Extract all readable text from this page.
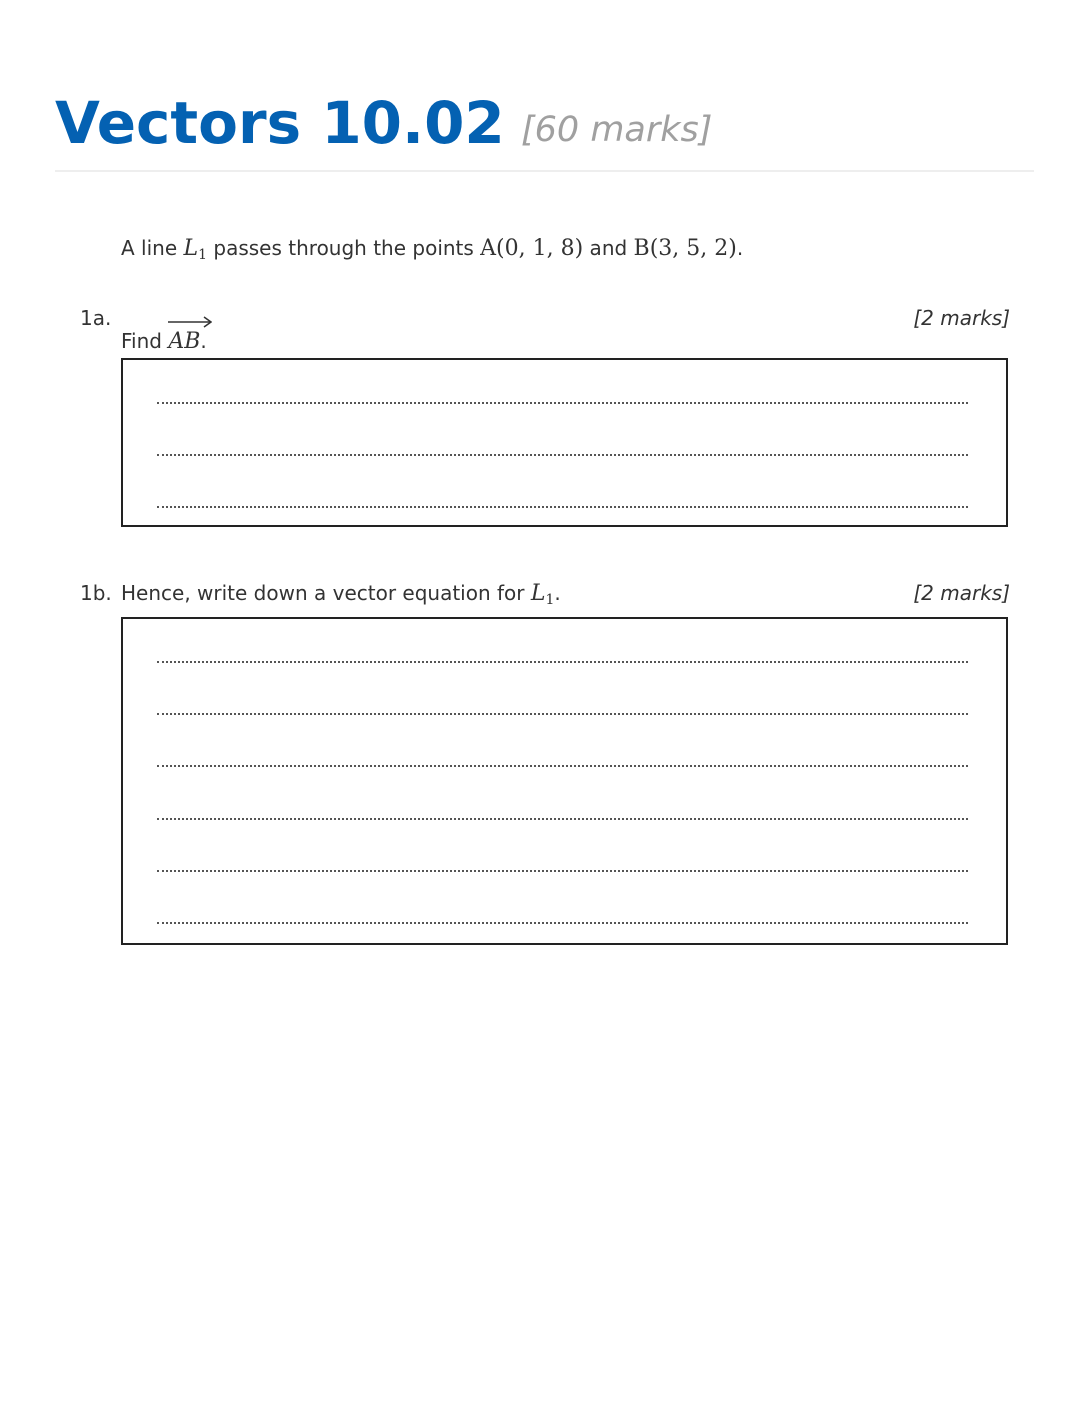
Vectors 10.02 [60 marks]
A line $L_1$ passes through the points A(0, 1, 8) and B(3, 5, 2).
1a.	[2 marks]
Find
AB.
1b.	[2 marks]
Hence, write down a vector equation for $L_1$.
